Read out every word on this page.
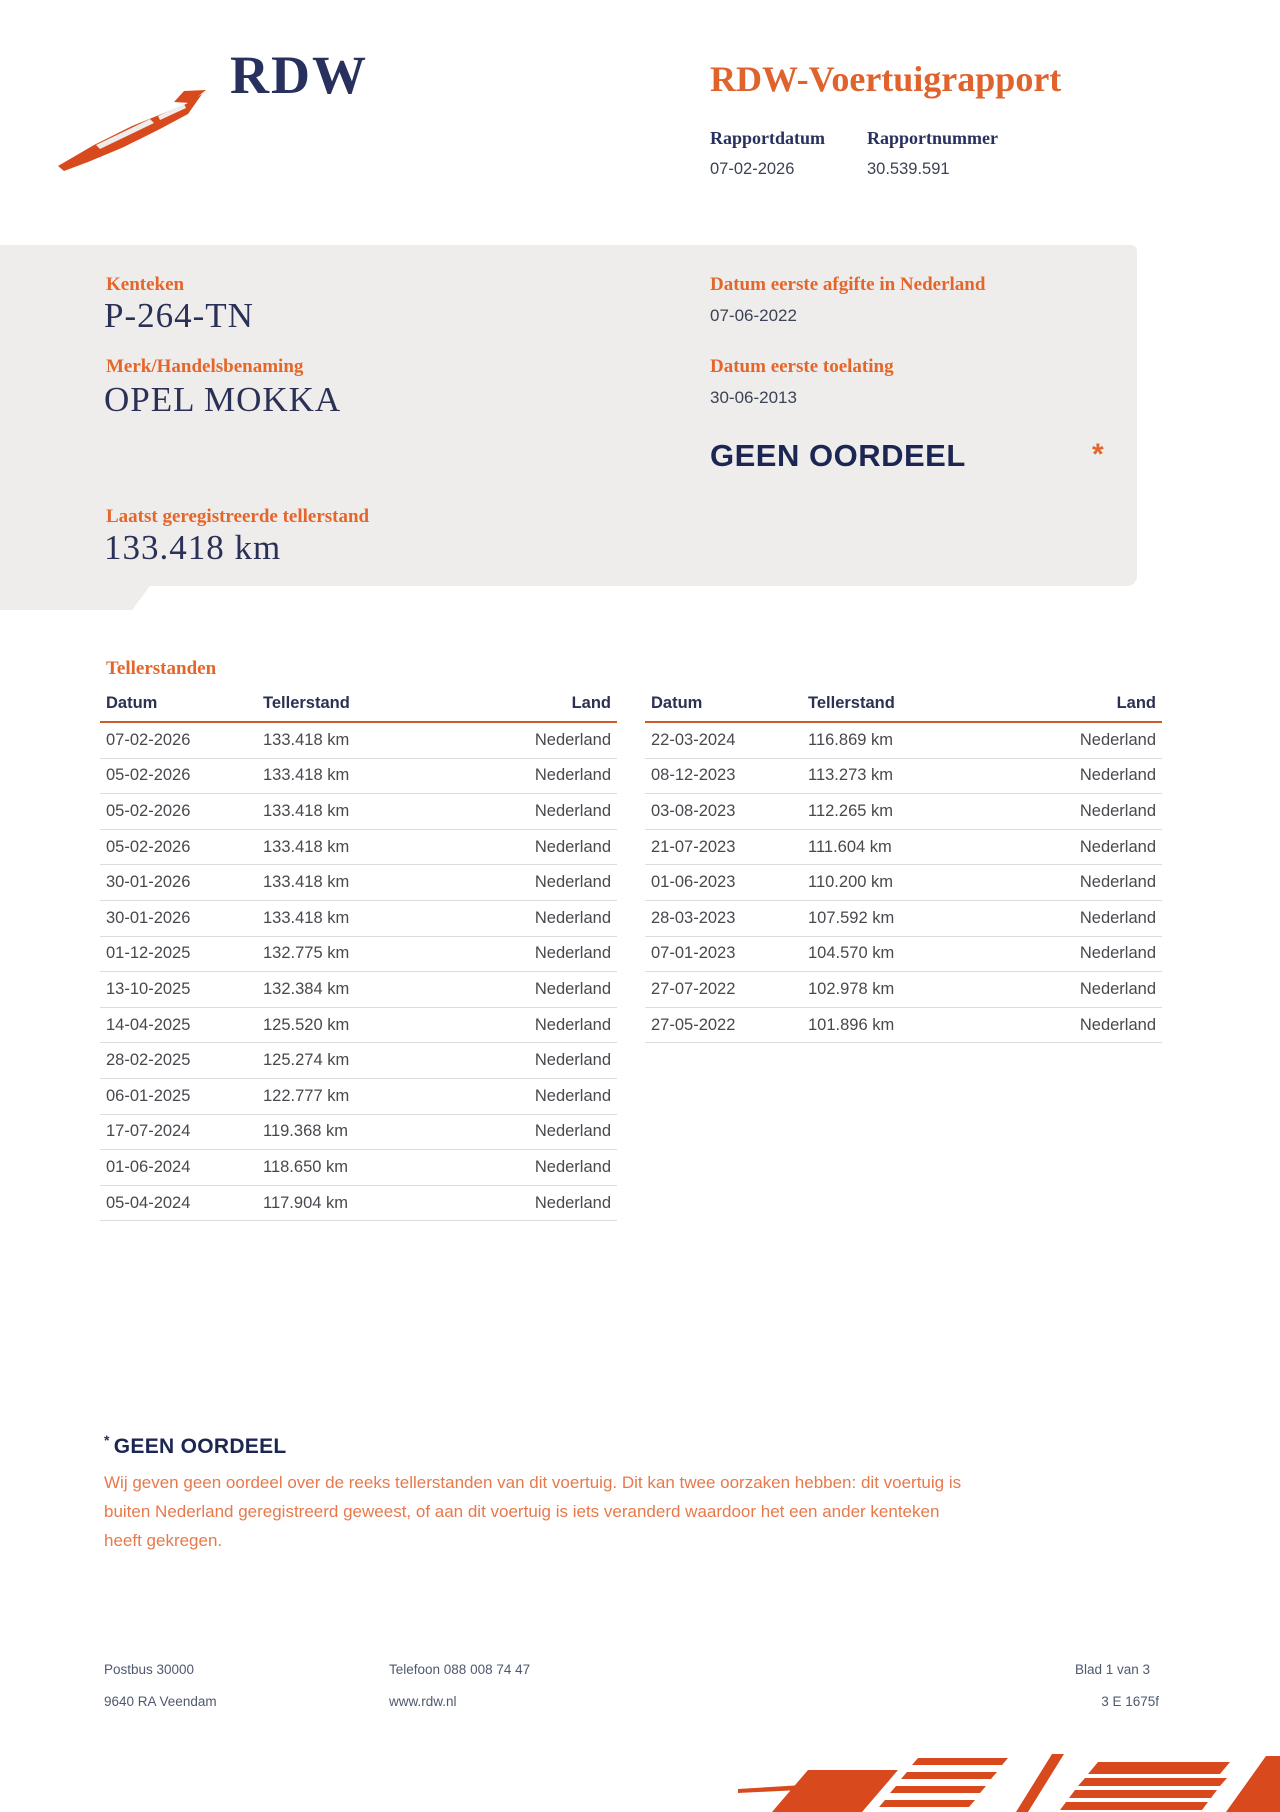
RDW	RDW-Voertuigrapport
Rapportdatum Rapportnummer
07-02-2026	30.539.591
Kenteken
P-264-TN
Merk/Handelsbenaming
OPEL MOKKA
Datum eerste afgifte in Nederland
07-06-2022
Datum eerste toelating
30-06-2013
GEEN OORDEEL	*
Laatst geregistreerde tellerstand
133.418 km
Tellerstanden
Datum	Tellerstand	Land
07-02-2026	133.418 km	Nederland
05-02-2026	133.418 km	Nederland
05-02-2026	133.418 km	Nederland
05-02-2026	133.418 km	Nederland
30-01-2026	133.418 km	Nederland
30-01-2026	133.418 km	Nederland
01-12-2025	132.775 km	Nederland
13-10-2025	132.384 km	Nederland
14-04-2025	125.520 km	Nederland
28-02-2025	125.274 km	Nederland
06-01-2025	122.777 km	Nederland
17-07-2024	119.368 km	Nederland
01-06-2024	118.650 km	Nederland
05-04-2024	117.904 km	Nederland
Datum	Tellerstand	Land
22-03-2024	116.869 km	Nederland
08-12-2023	113.273 km	Nederland
03-08-2023	112.265 km	Nederland
21-07-2023	111.604 km	Nederland
01-06-2023	110.200 km	Nederland
28-03-2023	107.592 km	Nederland
07-01-2023	104.570 km	Nederland
27-07-2022	102.978 km	Nederland
27-05-2022	101.896 km	Nederland
* GEEN OORDEEL
Wij geven geen oordeel over de reeks tellerstanden van dit voertuig. Dit kan twee oorzaken hebben: dit voertuig is
buiten Nederland geregistreerd geweest, of aan dit voertuig is iets veranderd waardoor het een ander kenteken
heeft gekregen.
Postbus 30000
9640 RA Veendam
Telefoon 088 008 74 47
www.rdw.nl
Blad 1 van 3
3 E 1675f
